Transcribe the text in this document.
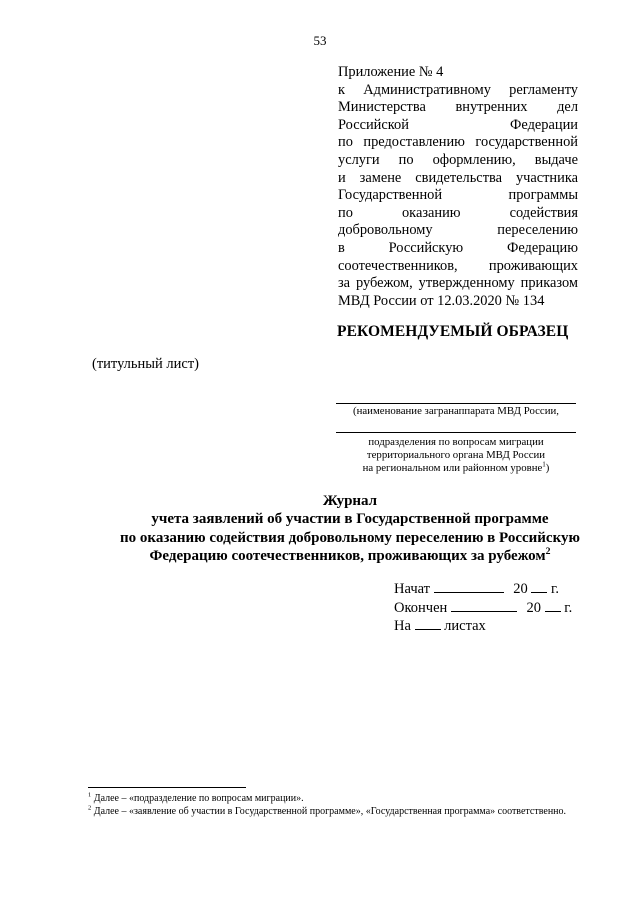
53
Приложение № 4
к Административному регламенту
Министерства внутренних дел
Российской Федерации
по предоставлению государственной
услуги по оформлению, выдаче
и замене свидетельства участника
Государственной программы
по оказанию содействия
добровольному переселению
в Российскую Федерацию
соотечественников, проживающих
за рубежом, утвержденному приказом
МВД России от 12.03.2020 № 134
РЕКОМЕНДУЕМЫЙ ОБРАЗЕЦ
(титульный лист)
(наименование загранаппарата МВД России,
подразделения по вопросам миграции
территориального органа МВД России
на региональном или районном уровне$^1$)
Журнал
учета заявлений об участии в Государственной программе
по оказанию содействия добровольному переселению в Российскую
Федерацию соотечественников, проживающих за рубежом$^2$
Начат	20 г.
Окончен	20 г.
На листах
$^1$ Далее – «подразделение по вопросам миграции».
$^2$ Далее – «заявление об участии в Государственной программе», «Государственная программа» соответственно.
